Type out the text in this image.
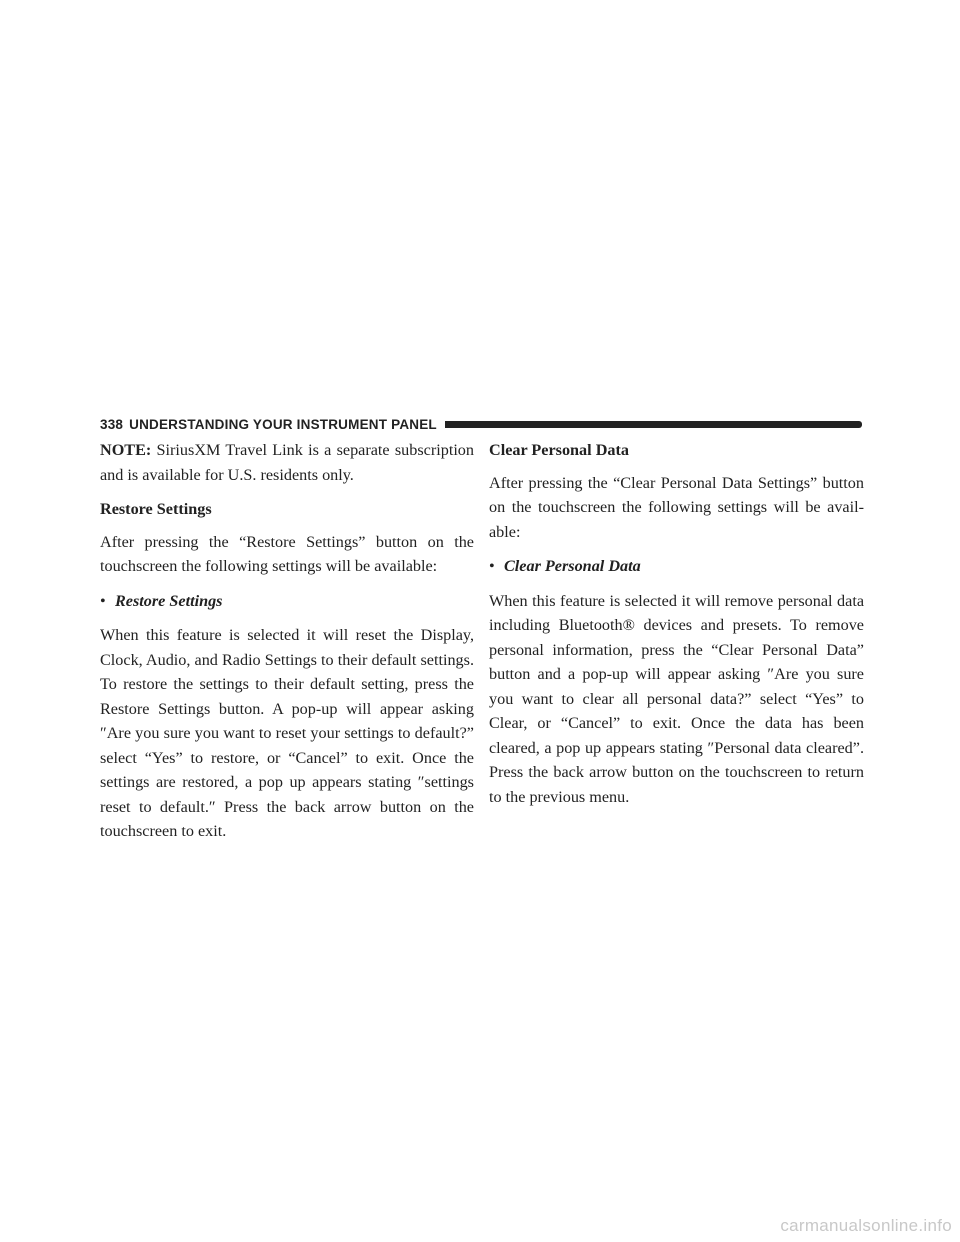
338 UNDERSTANDING YOUR INSTRUMENT PANEL

NOTE: SiriusXM Travel Link is a separate subscription and is available for U.S. residents only.

Restore Settings

After pressing the “Restore Settings” button on the touchscreen the following settings will be available:

• Restore Settings

When this feature is selected it will reset the Display, Clock, Audio, and Radio Settings to their default settings. To restore the settings to their default setting, press the Restore Settings button. A pop-up will appear asking ″Are you sure you want to reset your settings to default?” select “Yes” to restore, or “Cancel” to exit. Once the settings are restored, a pop up appears stating ″settings reset to default.″ Press the back arrow button on the touchscreen to exit.

Clear Personal Data

After pressing the “Clear Personal Data Settings” button on the touchscreen the following settings will be avail-able:

• Clear Personal Data

When this feature is selected it will remove personal data including Bluetooth® devices and presets. To remove personal information, press the “Clear Personal Data” button and a pop-up will appear asking ″Are you sure you want to clear all personal data?” select “Yes” to Clear, or “Cancel” to exit. Once the data has been cleared, a pop up appears stating ″Personal data cleared”. Press the back arrow button on the touchscreen to return to the previous menu.

carmanualsonline.info
